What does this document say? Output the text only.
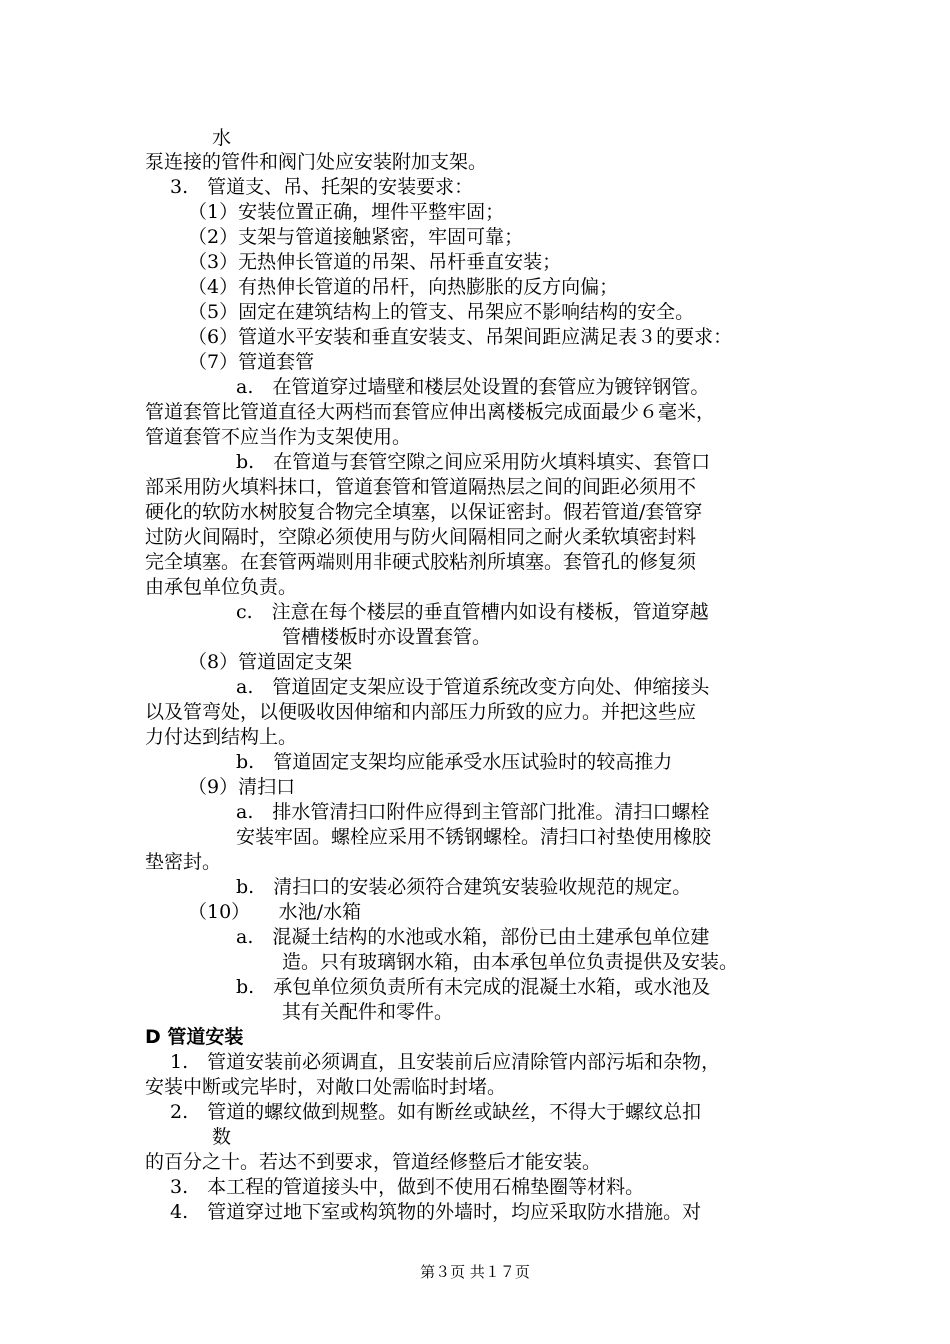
水
泵连接的管件和阀门处应安装附加支架。
3.　管道支、吊、托架的安装要求：
（1）安装位置正确，埋件平整牢固；
（2）支架与管道接触紧密，牢固可靠；
（3）无热伸长管道的吊架、吊杆垂直安装；
（4）有热伸长管道的吊杆，向热膨胀的反方向偏；
（5）固定在建筑结构上的管支、吊架应不影响结构的安全。
（6）管道水平安装和垂直安装支、吊架间距应满足表３的要求：
（7）管道套管
a.　在管道穿过墙壁和楼层处设置的套管应为镀锌钢管。
管道套管比管道直径大两档而套管应伸出离楼板完成面最少６毫米，
管道套管不应当作为支架使用。
b.　在管道与套管空隙之间应采用防火填料填实、套管口
部采用防火填料抹口，管道套管和管道隔热层之间的间距必须用不
硬化的软防水树胶复合物完全填塞，以保证密封。假若管道/套管穿
过防火间隔时，空隙必须使用与防火间隔相同之耐火柔软填密封料
完全填塞。在套管两端则用非硬式胶粘剂所填塞。套管孔的修复须
由承包单位负责。
c.　注意在每个楼层的垂直管槽内如设有楼板，管道穿越
管槽楼板时亦设置套管。
（8）管道固定支架
a.　管道固定支架应设于管道系统改变方向处、伸缩接头
以及管弯处，以便吸收因伸缩和内部压力所致的应力。并把这些应
力付达到结构上。
b.　管道固定支架均应能承受水压试验时的较高推力
（9）清扫口
a.　排水管清扫口附件应得到主管部门批准。清扫口螺栓
安装牢固。螺栓应采用不锈钢螺栓。清扫口衬垫使用橡胶
垫密封。
b.　清扫口的安装必须符合建筑安装验收规范的规定。
（10）　　水池/水箱
a.　混凝土结构的水池或水箱，部份已由土建承包单位建
造。只有玻璃钢水箱，由本承包单位负责提供及安装。
b.　承包单位须负责所有未完成的混凝土水箱，或水池及
其有关配件和零件。
D 管道安装
1.　管道安装前必须调直，且安装前后应清除管内部污垢和杂物，
安装中断或完毕时，对敞口处需临时封堵。
2.　管道的螺纹做到规整。如有断丝或缺丝，不得大于螺纹总扣
数
的百分之十。若达不到要求，管道经修整后才能安装。
3.　本工程的管道接头中，做到不使用石棉垫圈等材料。
4.　管道穿过地下室或构筑物的外墙时，均应采取防水措施。对
第３页 共１７页
